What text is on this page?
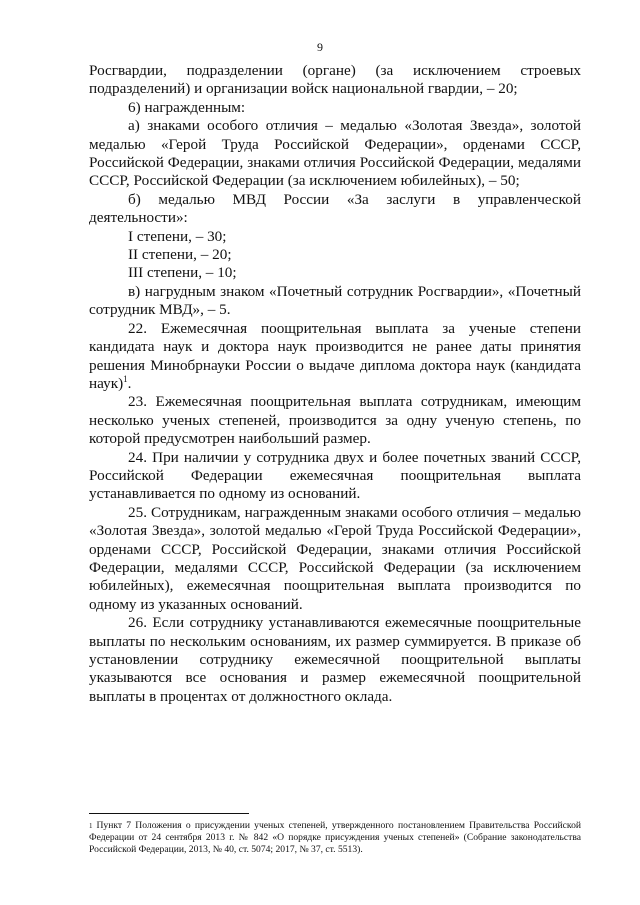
9

Росгвардии, подразделении (органе) (за исключением строевых подразделений) и организации войск национальной гвардии, – 20;

6) награжденным:

а) знаками особого отличия – медалью «Золотая Звезда», золотой медалью «Герой Труда Российской Федерации», орденами СССР, Российской Федерации, знаками отличия Российской Федерации, медалями СССР, Российской Федерации (за исключением юбилейных), – 50;

б) медалью МВД России «За заслуги в управленческой деятельности»:

I степени, – 30;

II степени, – 20;

III степени, – 10;

в) нагрудным знаком «Почетный сотрудник Росгвардии», «Почетный сотрудник МВД», – 5.

22. Ежемесячная поощрительная выплата за ученые степени кандидата наук и доктора наук производится не ранее даты принятия решения Минобрнауки России о выдаче диплома доктора наук (кандидата наук)$^1$.

23. Ежемесячная поощрительная выплата сотрудникам, имеющим несколько ученых степеней, производится за одну ученую степень, по которой предусмотрен наибольший размер.

24. При наличии у сотрудника двух и более почетных званий СССР, Российской Федерации ежемесячная поощрительная выплата устанавливается по одному из оснований.

25. Сотрудникам, награжденным знаками особого отличия – медалью «Золотая Звезда», золотой медалью «Герой Труда Российской Федерации», орденами СССР, Российской Федерации, знаками отличия Российской Федерации, медалями СССР, Российской Федерации (за исключением юбилейных), ежемесячная поощрительная выплата производится по одному из указанных оснований.

26. Если сотруднику устанавливаются ежемесячные поощрительные выплаты по нескольким основаниям, их размер суммируется. В приказе об установлении сотруднику ежемесячной поощрительной выплаты указываются все основания и размер ежемесячной поощрительной выплаты в процентах от должностного оклада.

$^1$ Пункт 7 Положения о присуждении ученых степеней, утвержденного постановлением Правительства Российской Федерации от 24 сентября 2013 г. № 842 «О порядке присуждения ученых степеней» (Собрание законодательства Российской Федерации, 2013, № 40, ст. 5074; 2017, № 37, ст. 5513).
